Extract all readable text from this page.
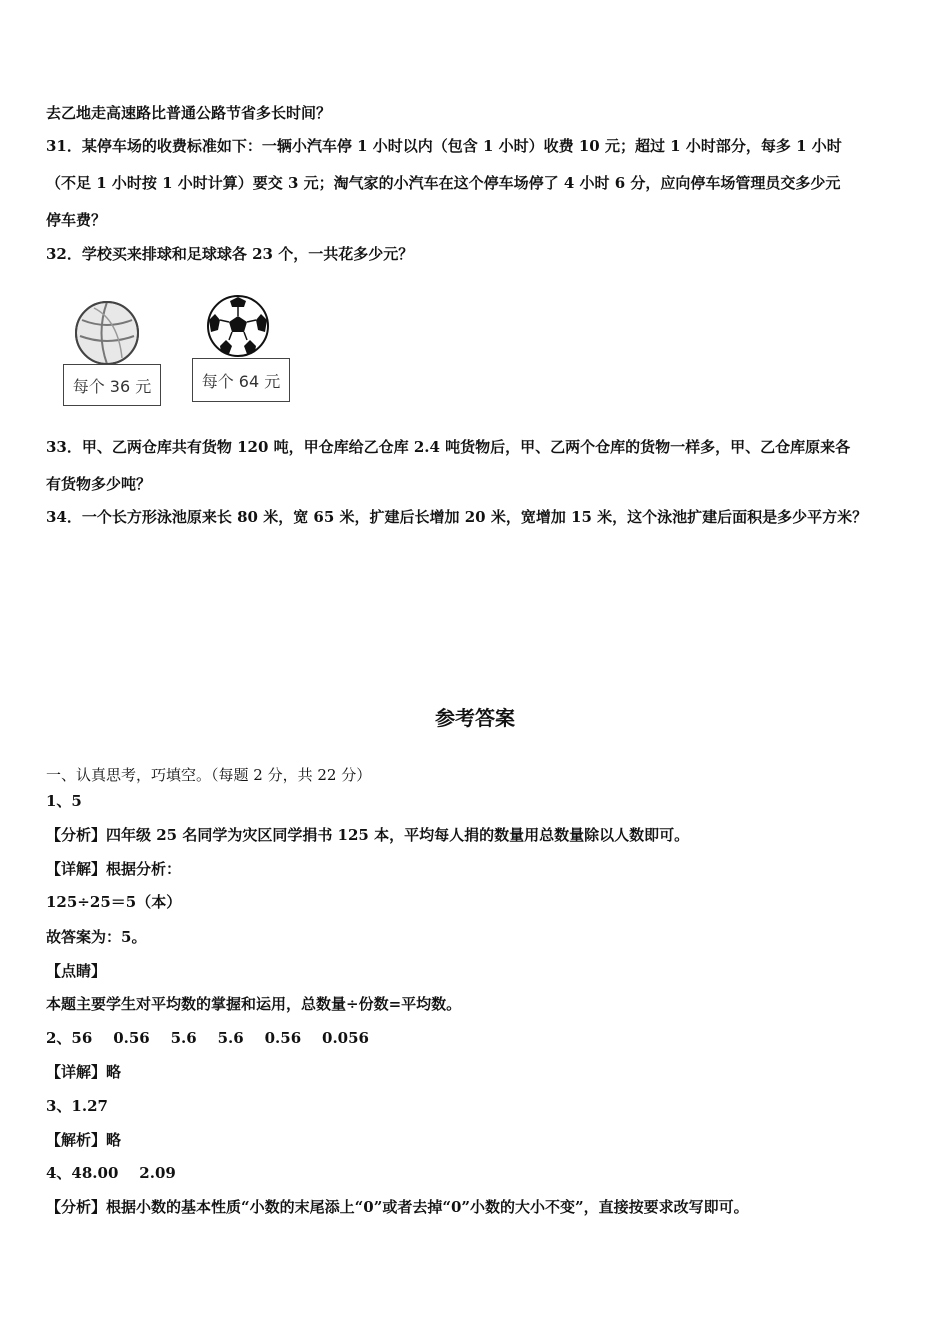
去乙地走高速路比普通公路节省多长时间？
31．某停车场的收费标准如下：一辆小汽车停 1 小时以内（包含 1 小时）收费 10 元；超过 1 小时部分，每多 1 小时
（不足 1 小时按 1 小时计算）要交 3 元；淘气家的小汽车在这个停车场停了 4 小时 6 分，应向停车场管理员交多少元
停车费？
32．学校买来排球和足球球各 23 个，一共花多少元？
每个 36 元	每个 64 元
33．甲、乙两仓库共有货物 120 吨，甲仓库给乙仓库 2.4 吨货物后，甲、乙两个仓库的货物一样多，甲、乙仓库原来各
有货物多少吨？
34．一个长方形泳池原来长 80 米，宽 65 米，扩建后长增加 20 米，宽增加 15 米，这个泳池扩建后面积是多少平方米？
参考答案
一、认真思考，巧填空。（每题 2 分，共 22 分）
1、5
【分析】四年级 25 名同学为灾区同学捐书 125 本，平均每人捐的数量用总数量除以人数即可。
【详解】根据分析：
125÷25＝5（本）
故答案为：5。
【点睛】
本题主要学生对平均数的掌握和运用，总数量÷份数=平均数。
2、56    0.56    5.6    5.6    0.56    0.056
【详解】略
3、1.27
【解析】略
4、48.00    2.09
【分析】根据小数的基本性质“小数的末尾添上“0”或者去掉“0”小数的大小不变”，直接按要求改写即可。
